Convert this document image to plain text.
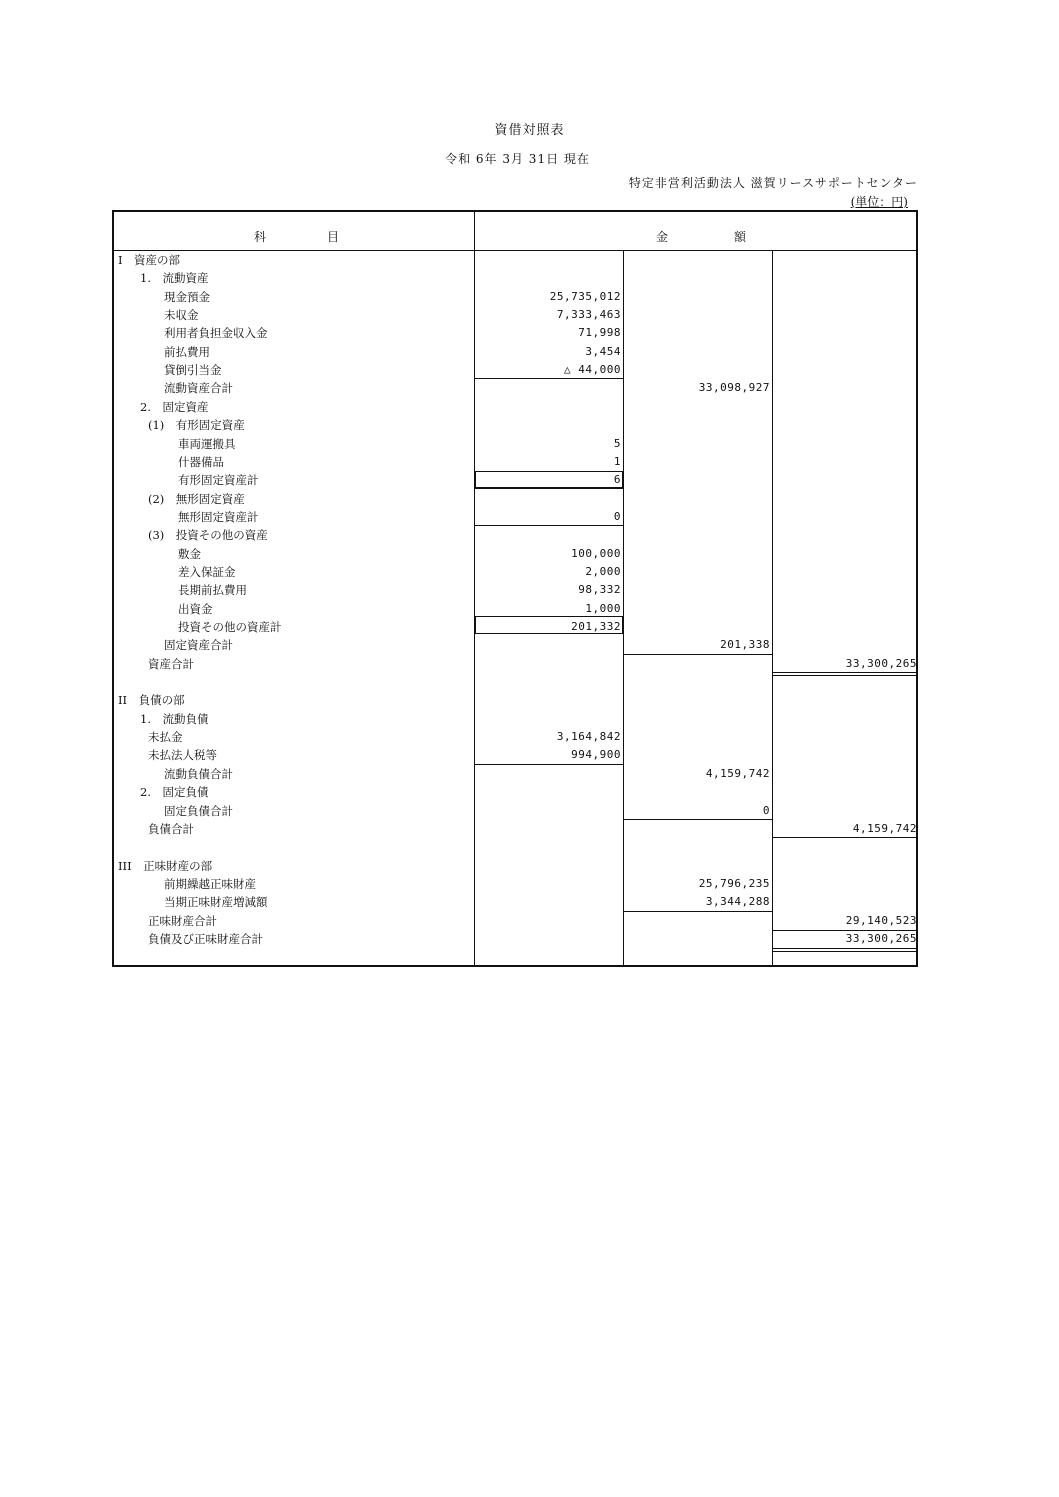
資借対照表
令和 6年 3月 31日 現在
特定非営利活動法人 滋賀リースサポートセンター
(単位：円)
科	目	金	額
I　資産の部
1.　流動資産
現金預金	25,735,012
未収金	7,333,463
利用者負担金収入金	71,998
前払費用	3,454
貸倒引当金	△ 44,000
流動資産合計	33,098,927
2.　固定資産
(1)　有形固定資産
車両運搬具	5
什器備品	1
有形固定資産計	6
(2)　無形固定資産
無形固定資産計	0
(3)　投資その他の資産
敷金	100,000
差入保証金	2,000
長期前払費用	98,332
出資金	1,000
投資その他の資産計	201,332
固定資産合計	201,338
資産合計	33,300,265
II　負債の部
1.　流動負債
未払金	3,164,842
未払法人税等	994,900
流動負債合計	4,159,742
2.　固定負債
固定負債合計	0
負債合計	4,159,742
III　正味財産の部
前期繰越正味財産	25,796,235
当期正味財産増減額	3,344,288
正味財産合計	29,140,523
負債及び正味財産合計	33,300,265
